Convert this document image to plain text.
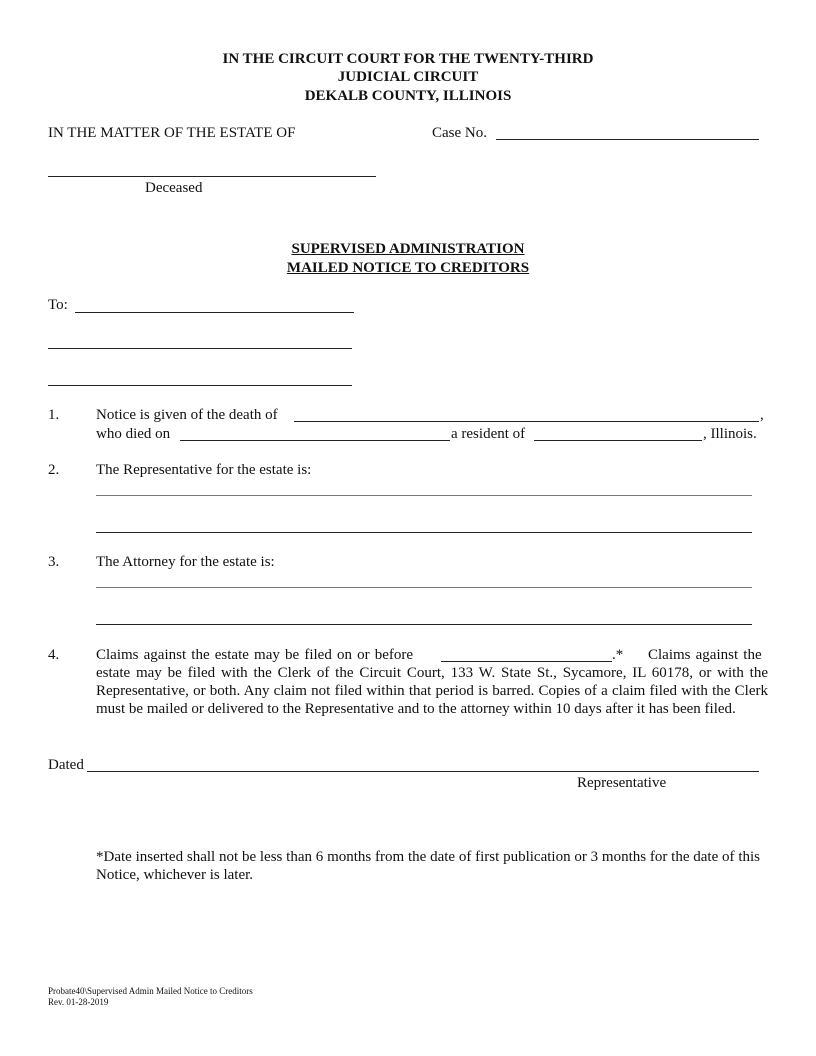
IN THE CIRCUIT COURT FOR THE TWENTY-THIRD
JUDICIAL CIRCUIT
DEKALB COUNTY, ILLINOIS
IN THE MATTER OF THE ESTATE OF	Case No.
Deceased
SUPERVISED ADMINISTRATION
MAILED NOTICE TO CREDITORS
To:
1. Notice is given of the death of	,
who died on	a resident of	, Illinois.
2. The Representative for the estate is:
3. The Attorney for the estate is:
4. Claims against the estate may be filed on or before	.* Claims against the
estate may be filed with the Clerk of the Circuit Court, 133 W. State St., Sycamore, IL 60178, or with the Representative, or both. Any claim not filed within that period is barred. Copies of a claim filed with the Clerk must be mailed or delivered to the Representative and to the attorney within 10 days after it has been filed.
Dated
Representative
*Date inserted shall not be less than 6 months from the date of first publication or 3 months for the date of this Notice, whichever is later.
Probate40\Supervised Admin Mailed Notice to Creditors
Rev. 01-28-2019
